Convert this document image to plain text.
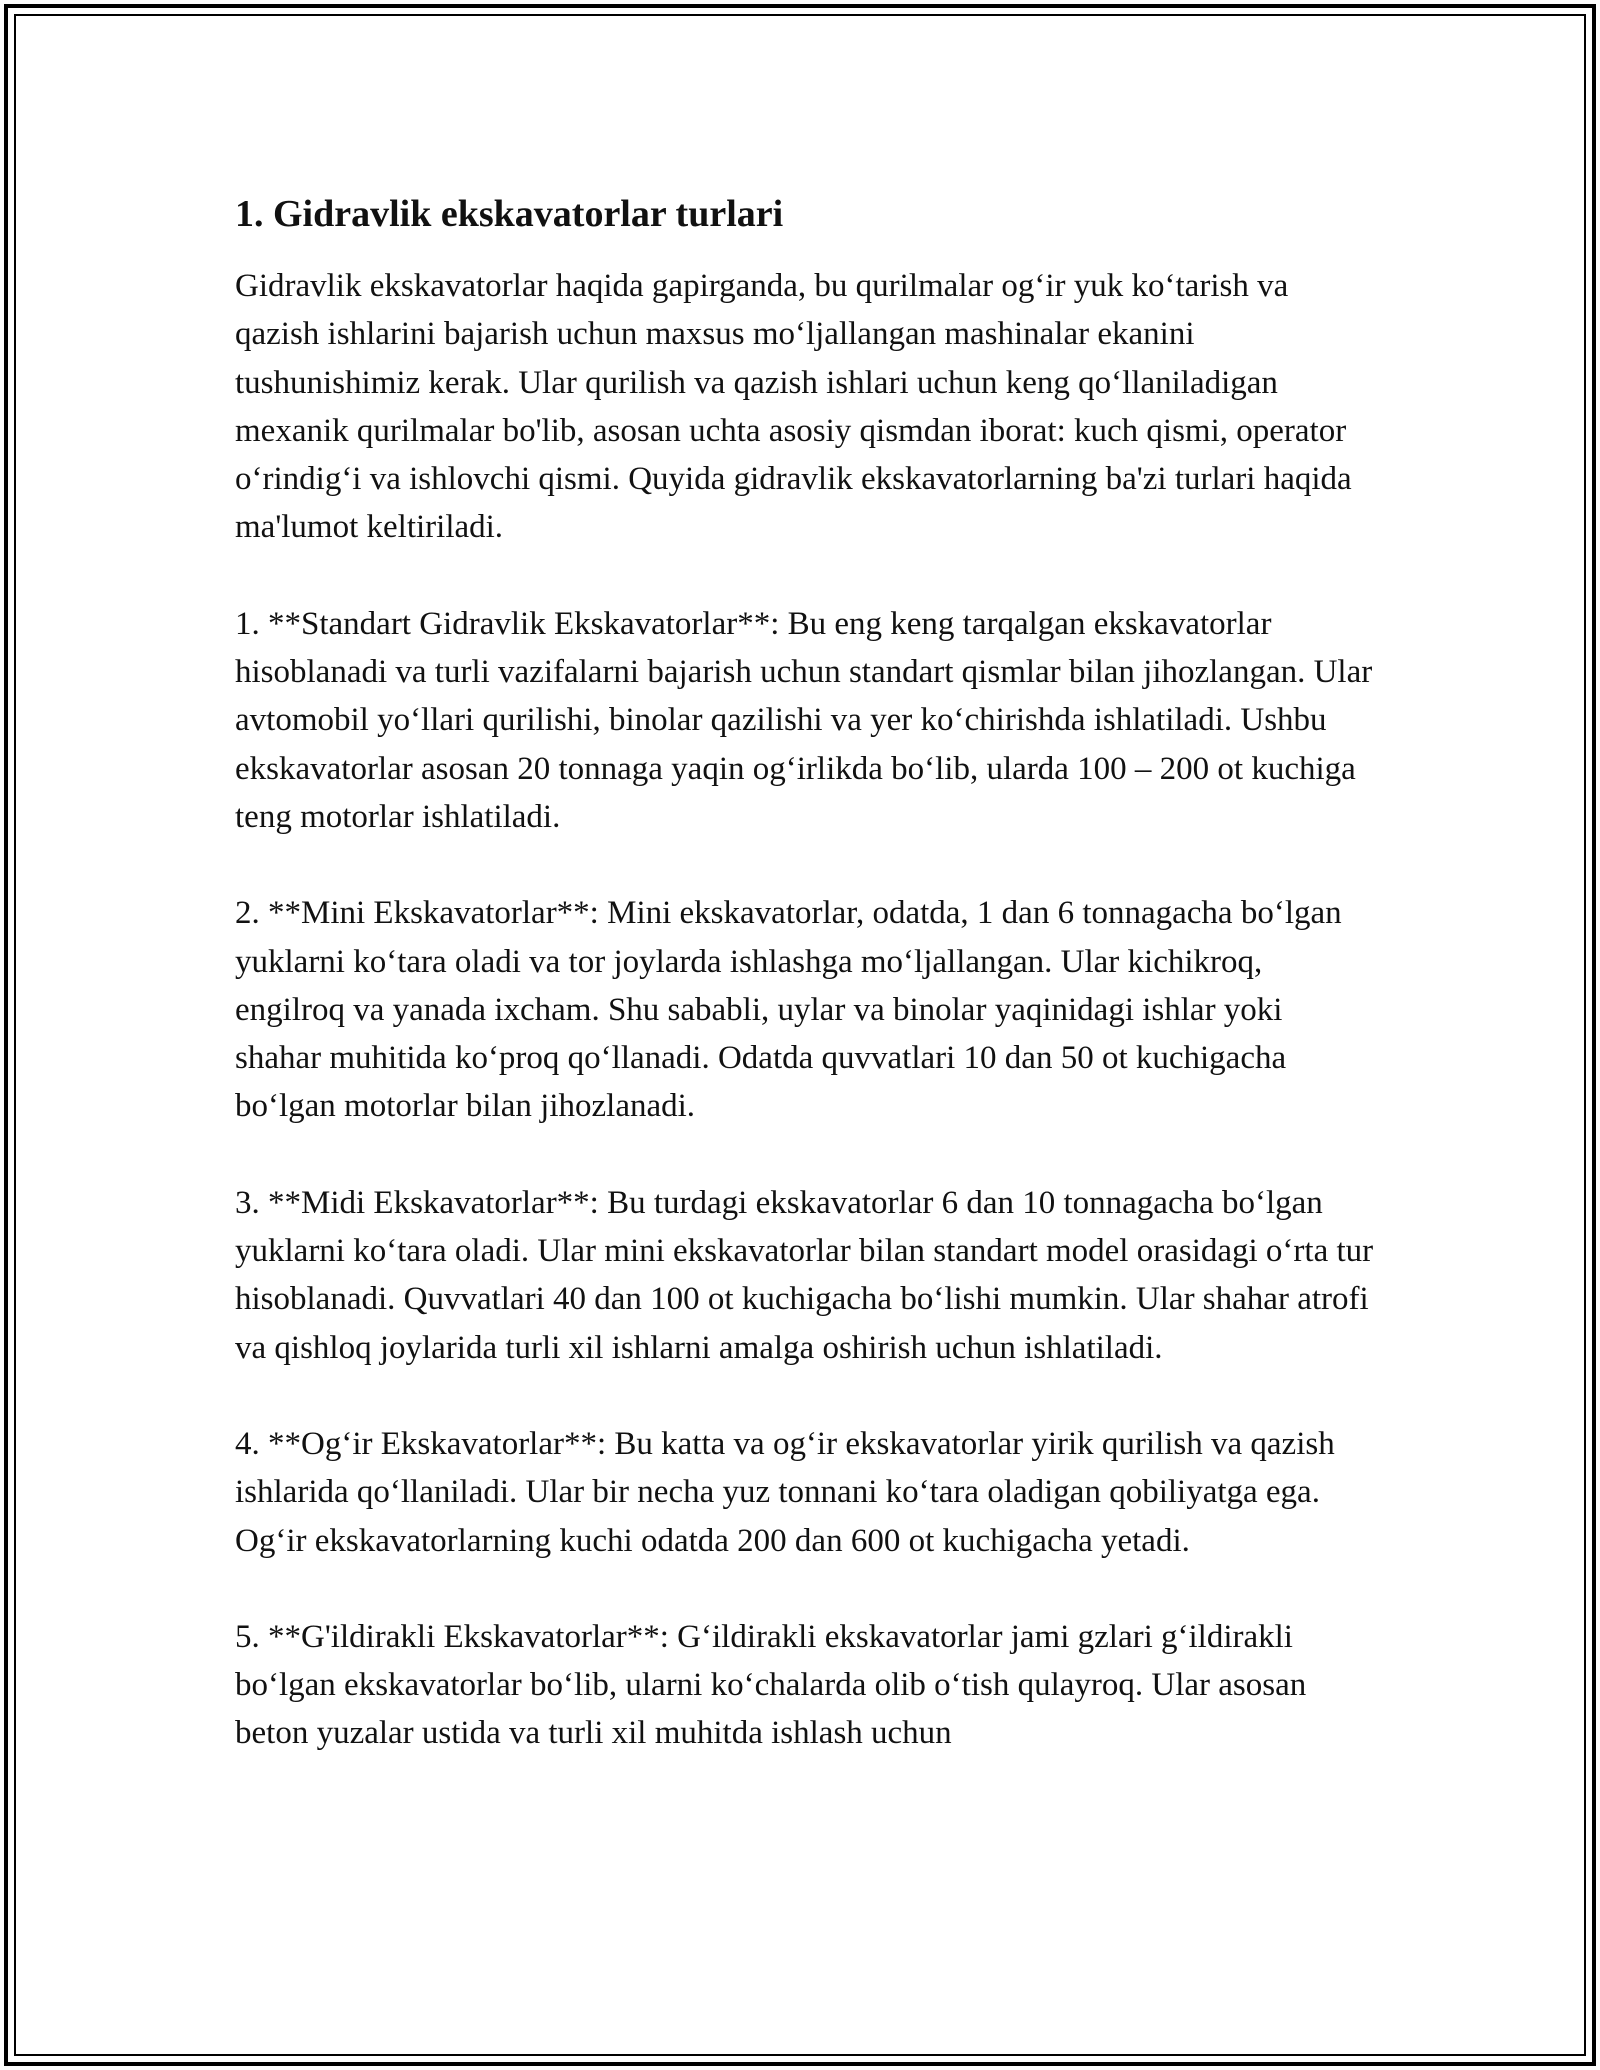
1. Gidravlik ekskavatorlar turlari

Gidravlik ekskavatorlar haqida gapirganda, bu qurilmalar og‘ir yuk ko‘tarish va qazish ishlarini bajarish uchun maxsus mo‘ljallangan mashinalar ekanini tushunishimiz kerak. Ular qurilish va qazish ishlari uchun keng qo‘llaniladigan mexanik qurilmalar bo'lib, asosan uchta asosiy qismdan iborat: kuch qismi, operator o‘rindig‘i va ishlovchi qismi. Quyida gidravlik ekskavatorlarning ba'zi turlari haqida ma'lumot keltiriladi.

1. **Standart Gidravlik Ekskavatorlar**: Bu eng keng tarqalgan ekskavatorlar hisoblanadi va turli vazifalarni bajarish uchun standart qismlar bilan jihozlangan. Ular avtomobil yo‘llari qurilishi, binolar qazilishi va yer ko‘chirishda ishlatiladi. Ushbu ekskavatorlar asosan 20 tonnaga yaqin og‘irlikda bo‘lib, ularda 100 – 200 ot kuchiga teng motorlar ishlatiladi.

2. **Mini Ekskavatorlar**: Mini ekskavatorlar, odatda, 1 dan 6 tonnagacha bo‘lgan yuklarni ko‘tara oladi va tor joylarda ishlashga mo‘ljallangan. Ular kichikroq, engilroq va yanada ixcham. Shu sababli, uylar va binolar yaqinidagi ishlar yoki shahar muhitida ko‘proq qo‘llanadi. Odatda quvvatlari 10 dan 50 ot kuchigacha bo‘lgan motorlar bilan jihozlanadi.

3. **Midi Ekskavatorlar**: Bu turdagi ekskavatorlar 6 dan 10 tonnagacha bo‘lgan yuklarni ko‘tara oladi. Ular mini ekskavatorlar bilan standart model orasidagi o‘rta tur hisoblanadi. Quvvatlari 40 dan 100 ot kuchigacha bo‘lishi mumkin. Ular shahar atrofi va qishloq joylarida turli xil ishlarni amalga oshirish uchun ishlatiladi.

4. **Og‘ir Ekskavatorlar**: Bu katta va og‘ir ekskavatorlar yirik qurilish va qazish ishlarida qo‘llaniladi. Ular bir necha yuz tonnani ko‘tara oladigan qobiliyatga ega. Og‘ir ekskavatorlarning kuchi odatda 200 dan 600 ot kuchigacha yetadi.

5. **G'ildirakli Ekskavatorlar**: G‘ildirakli ekskavatorlar jami gzlari g‘ildirakli bo‘lgan ekskavatorlar bo‘lib, ularni ko‘chalarda olib o‘tish qulayroq. Ular asosan beton yuzalar ustida va turli xil muhitda ishlash uchun
